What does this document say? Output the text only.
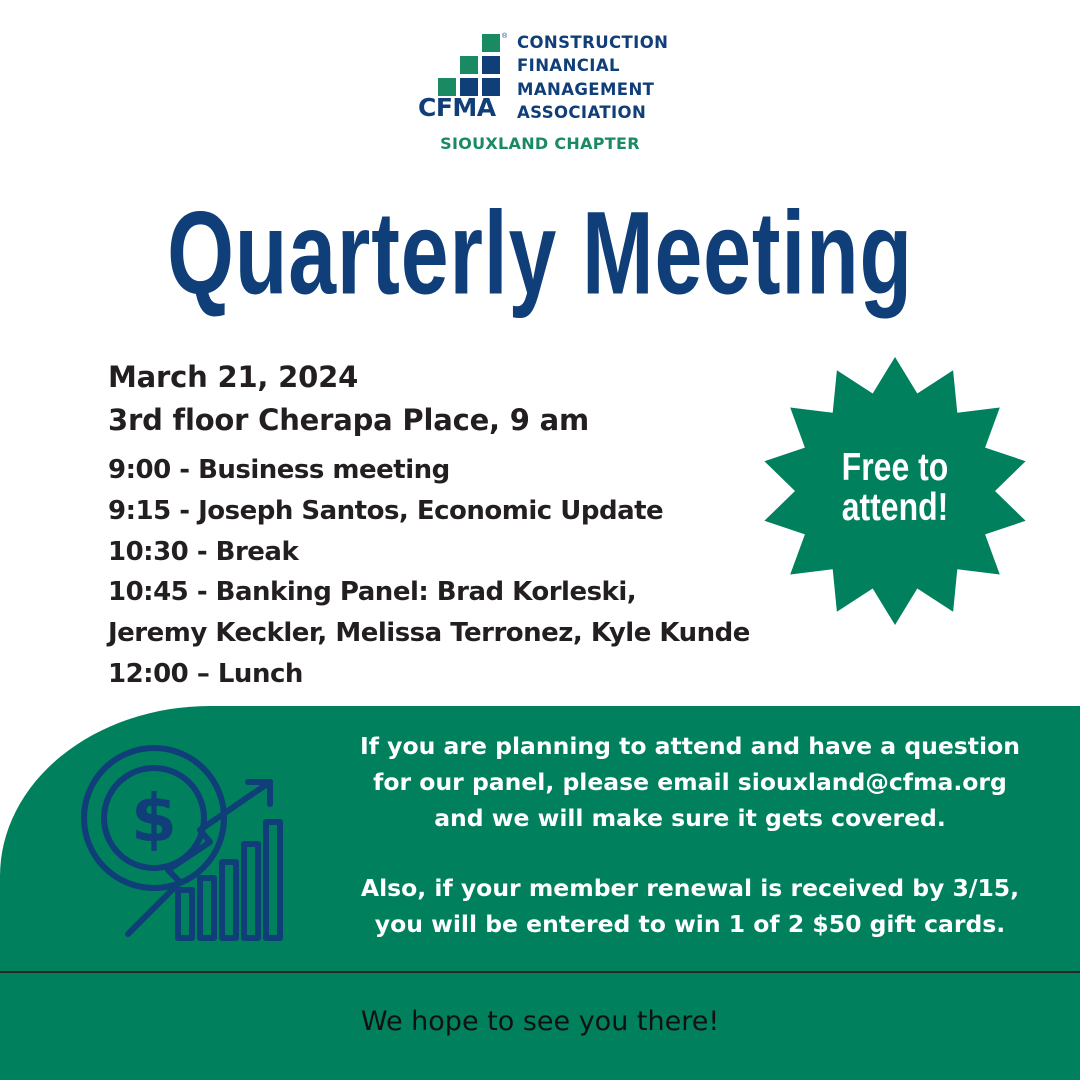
®
CFMA
CONSTRUCTION
FINANCIAL
MANAGEMENT
ASSOCIATION
SIOUXLAND CHAPTER
Quarterly Meeting
March 21, 2024
3rd floor Cherapa Place, 9 am
9:00 - Business meeting
9:15 - Joseph Santos, Economic Update
10:30 - Break
10:45 - Banking Panel: Brad Korleski,
Jeremy Keckler, Melissa Terronez, Kyle Kunde
12:00 – Lunch
Free to
attend!
$

If you are planning to attend and have a question

for our panel, please email siouxland@cfma.org

and we will make sure it gets covered.

Also, if your member renewal is received by 3/15,

you will be entered to win 1 of 2 $50 gift cards.

We hope to see you there!
